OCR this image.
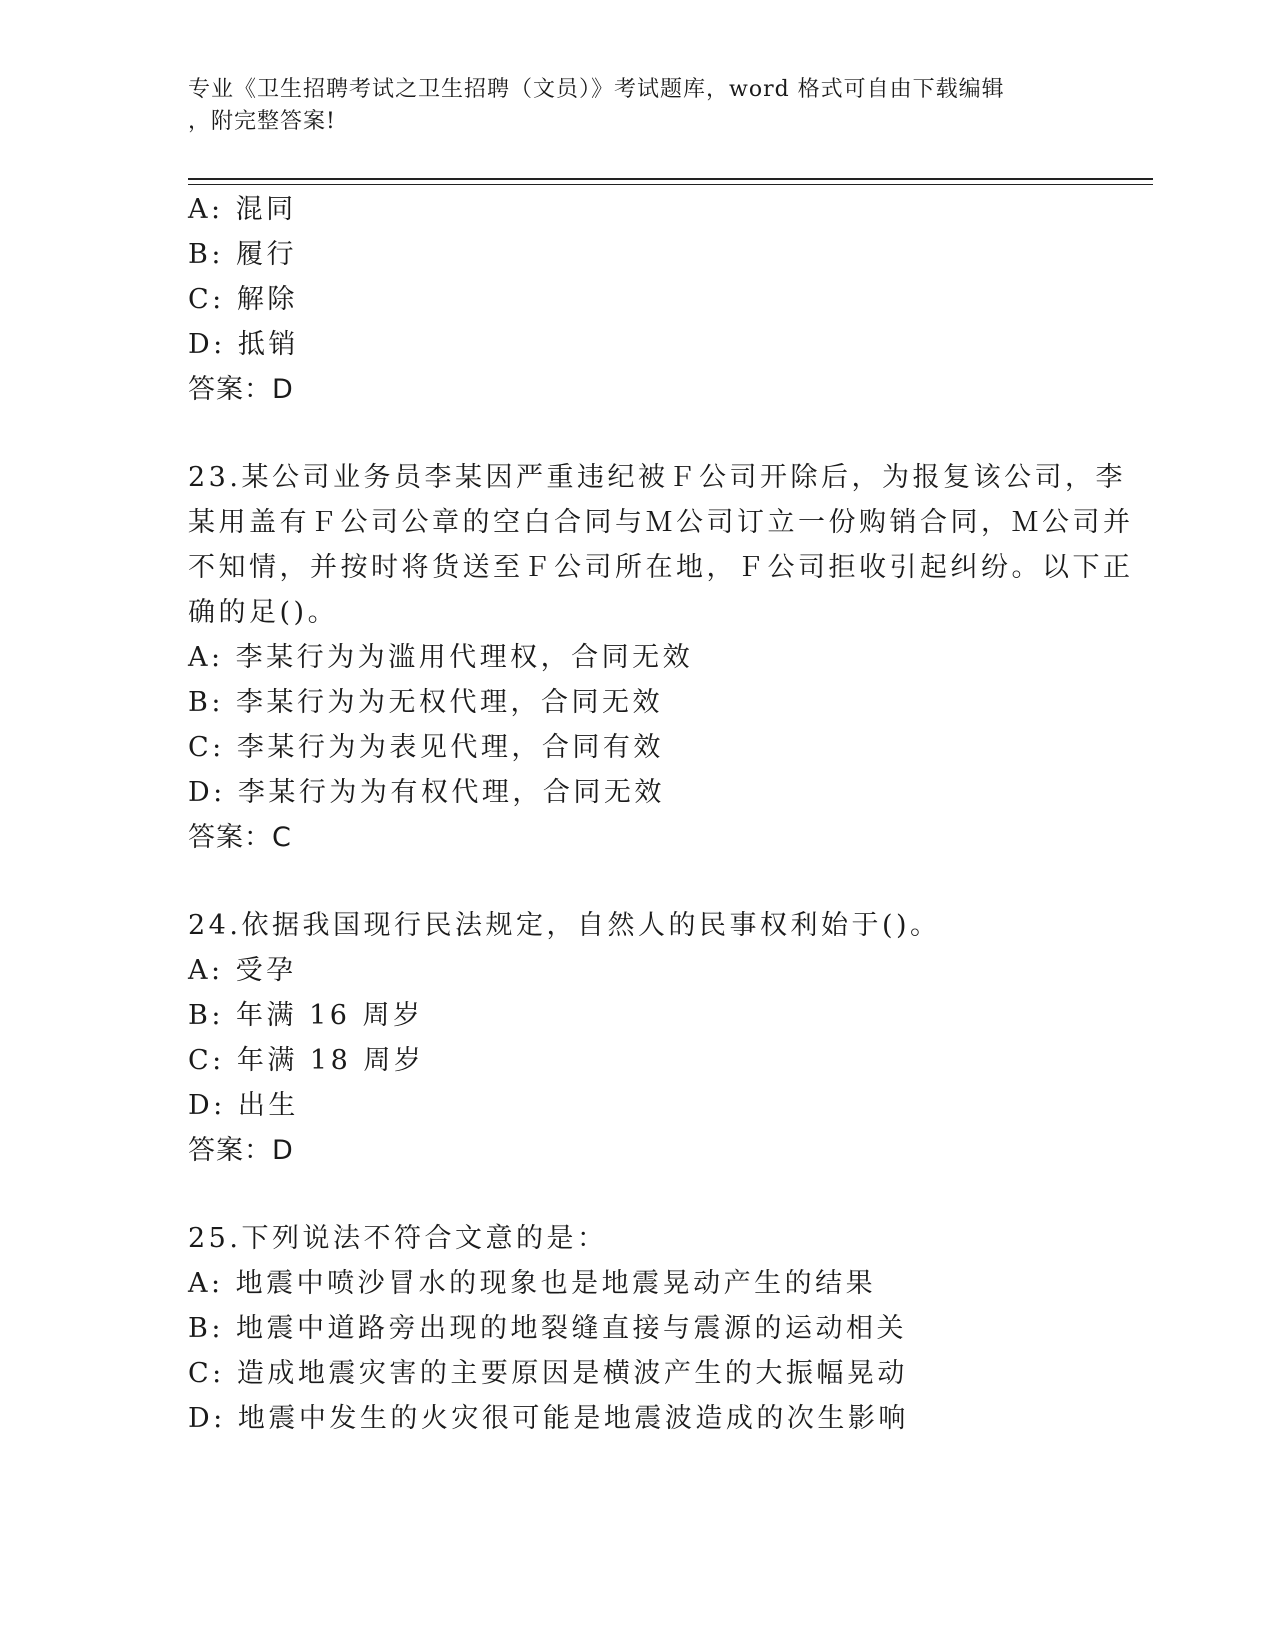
专业《卫生招聘考试之卫生招聘（文员）》考试题库，word 格式可自由下载编辑
，附完整答案!
A: 混同
B: 履行
C: 解除
D: 抵销
答案：D
23.某公司业务员李某因严重违纪被Ｆ公司开除后，为报复该公司，李
某用盖有Ｆ公司公章的空白合同与Ｍ公司订立一份购销合同，Ｍ公司并
不知情，并按时将货送至Ｆ公司所在地，Ｆ公司拒收引起纠纷。以下正
确的足()。
A: 李某行为为滥用代理权，合同无效
B: 李某行为为无权代理，合同无效
C: 李某行为为表见代理，合同有效
D: 李某行为为有权代理，合同无效
答案：C
24.依据我国现行民法规定，自然人的民事权利始于()。
A: 受孕
B: 年满 16 周岁
C: 年满 18 周岁
D: 出生
答案：D
25.下列说法不符合文意的是：
A: 地震中喷沙冒水的现象也是地震晃动产生的结果
B: 地震中道路旁出现的地裂缝直接与震源的运动相关
C: 造成地震灾害的主要原因是横波产生的大振幅晃动
D: 地震中发生的火灾很可能是地震波造成的次生影响
